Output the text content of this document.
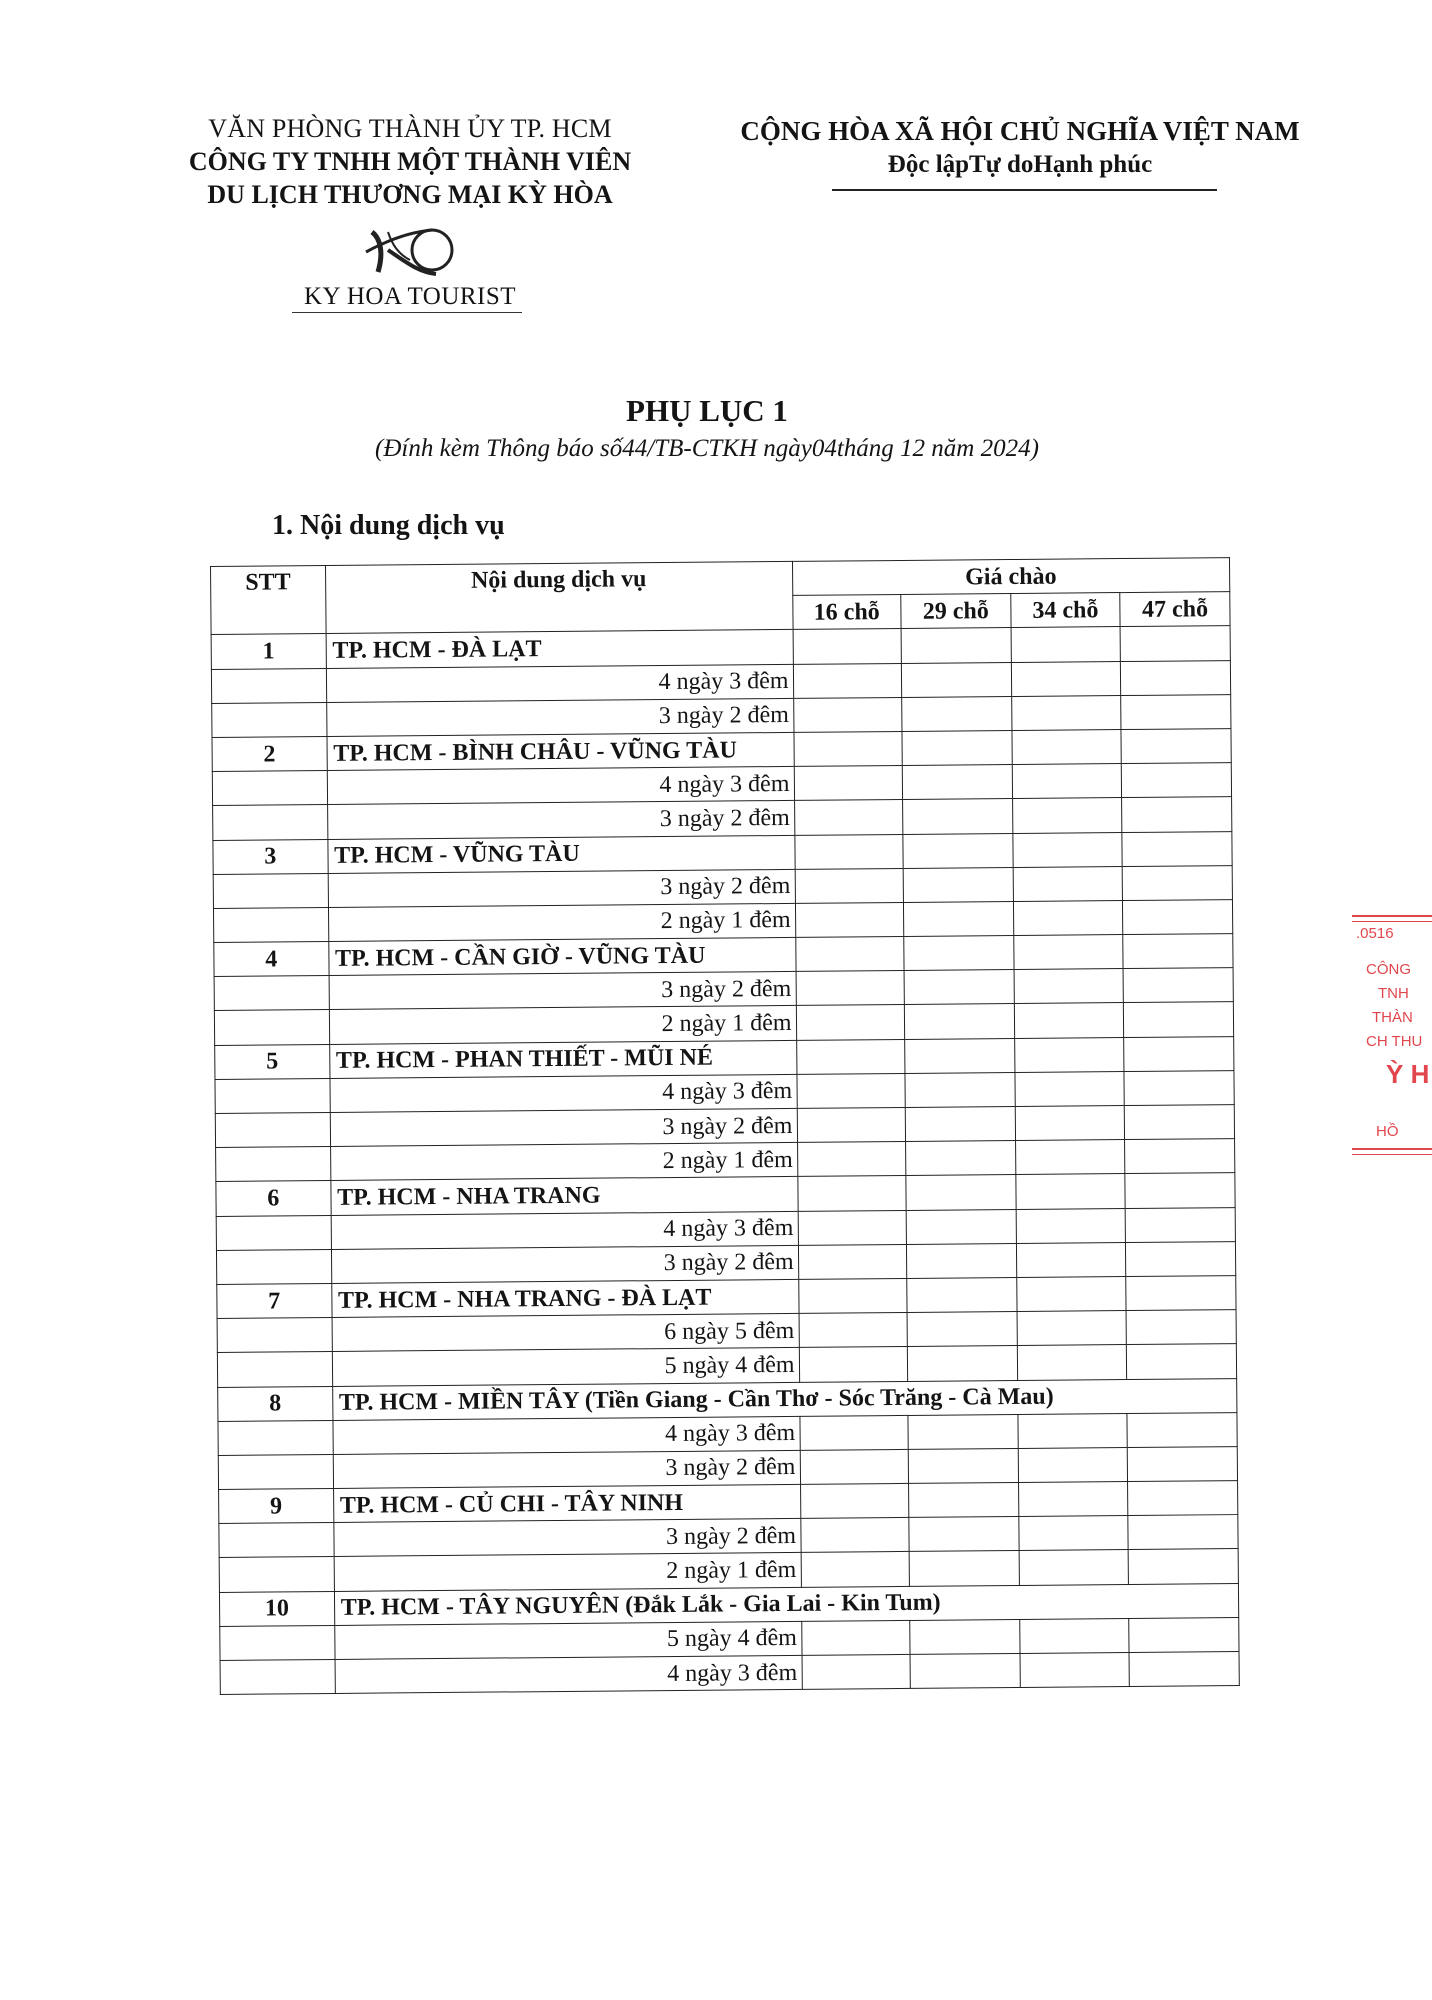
VĂN PHÒNG THÀNH ỦY TP. HCM
CÔNG TY TNHH MỘT THÀNH VIÊN
DU LỊCH THƯƠNG MẠI KỲ HÒA
KY HOA TOURIST
CỘNG HÒA XÃ HỘI CHỦ NGHĨA VIỆT NAM
Độc lậpTự doHạnh phúc
PHỤ LỤC 1
(Đính kèm Thông báo số44/TB-CTKH ngày04tháng 12 năm 2024)
1. Nội dung dịch vụ
STT	Nội dung dịch vụ	Giá chào			
		16 chỗ	29 chỗ	34 chỗ	47 chỗ
1	TP. HCM - ĐÀ LẠT				
	4 ngày 3 đêm				
	3 ngày 2 đêm				
2	TP. HCM - BÌNH CHÂU - VŨNG TÀU				
	4 ngày 3 đêm				
	3 ngày 2 đêm				
3	TP. HCM - VŨNG TÀU				
	3 ngày 2 đêm				
	2 ngày 1 đêm				
4	TP. HCM - CẦN GIỜ - VŨNG TÀU				
	3 ngày 2 đêm				
	2 ngày 1 đêm				
5	TP. HCM - PHAN THIẾT - MŨI NÉ				
	4 ngày 3 đêm				
	3 ngày 2 đêm				
	2 ngày 1 đêm				
6	TP. HCM - NHA TRANG				
	4 ngày 3 đêm				
	3 ngày 2 đêm				
7	TP. HCM - NHA TRANG - ĐÀ LẠT				
	6 ngày 5 đêm				
	5 ngày 4 đêm				
8	TP. HCM - MIỀN TÂY (Tiền Giang - Cần Thơ - Sóc Trăng - Cà Mau)				
	4 ngày 3 đêm				
	3 ngày 2 đêm				
9	TP. HCM - CỦ CHI - TÂY NINH				
	3 ngày 2 đêm				
	2 ngày 1 đêm				
10	TP. HCM - TÂY NGUYÊN (Đắk Lắk - Gia Lai - Kin Tum)				
	5 ngày 4 đêm				
	4 ngày 3 đêm				
.0516
CÔNG
TNH
THÀN
CH THU
Ỳ H
HỒ
